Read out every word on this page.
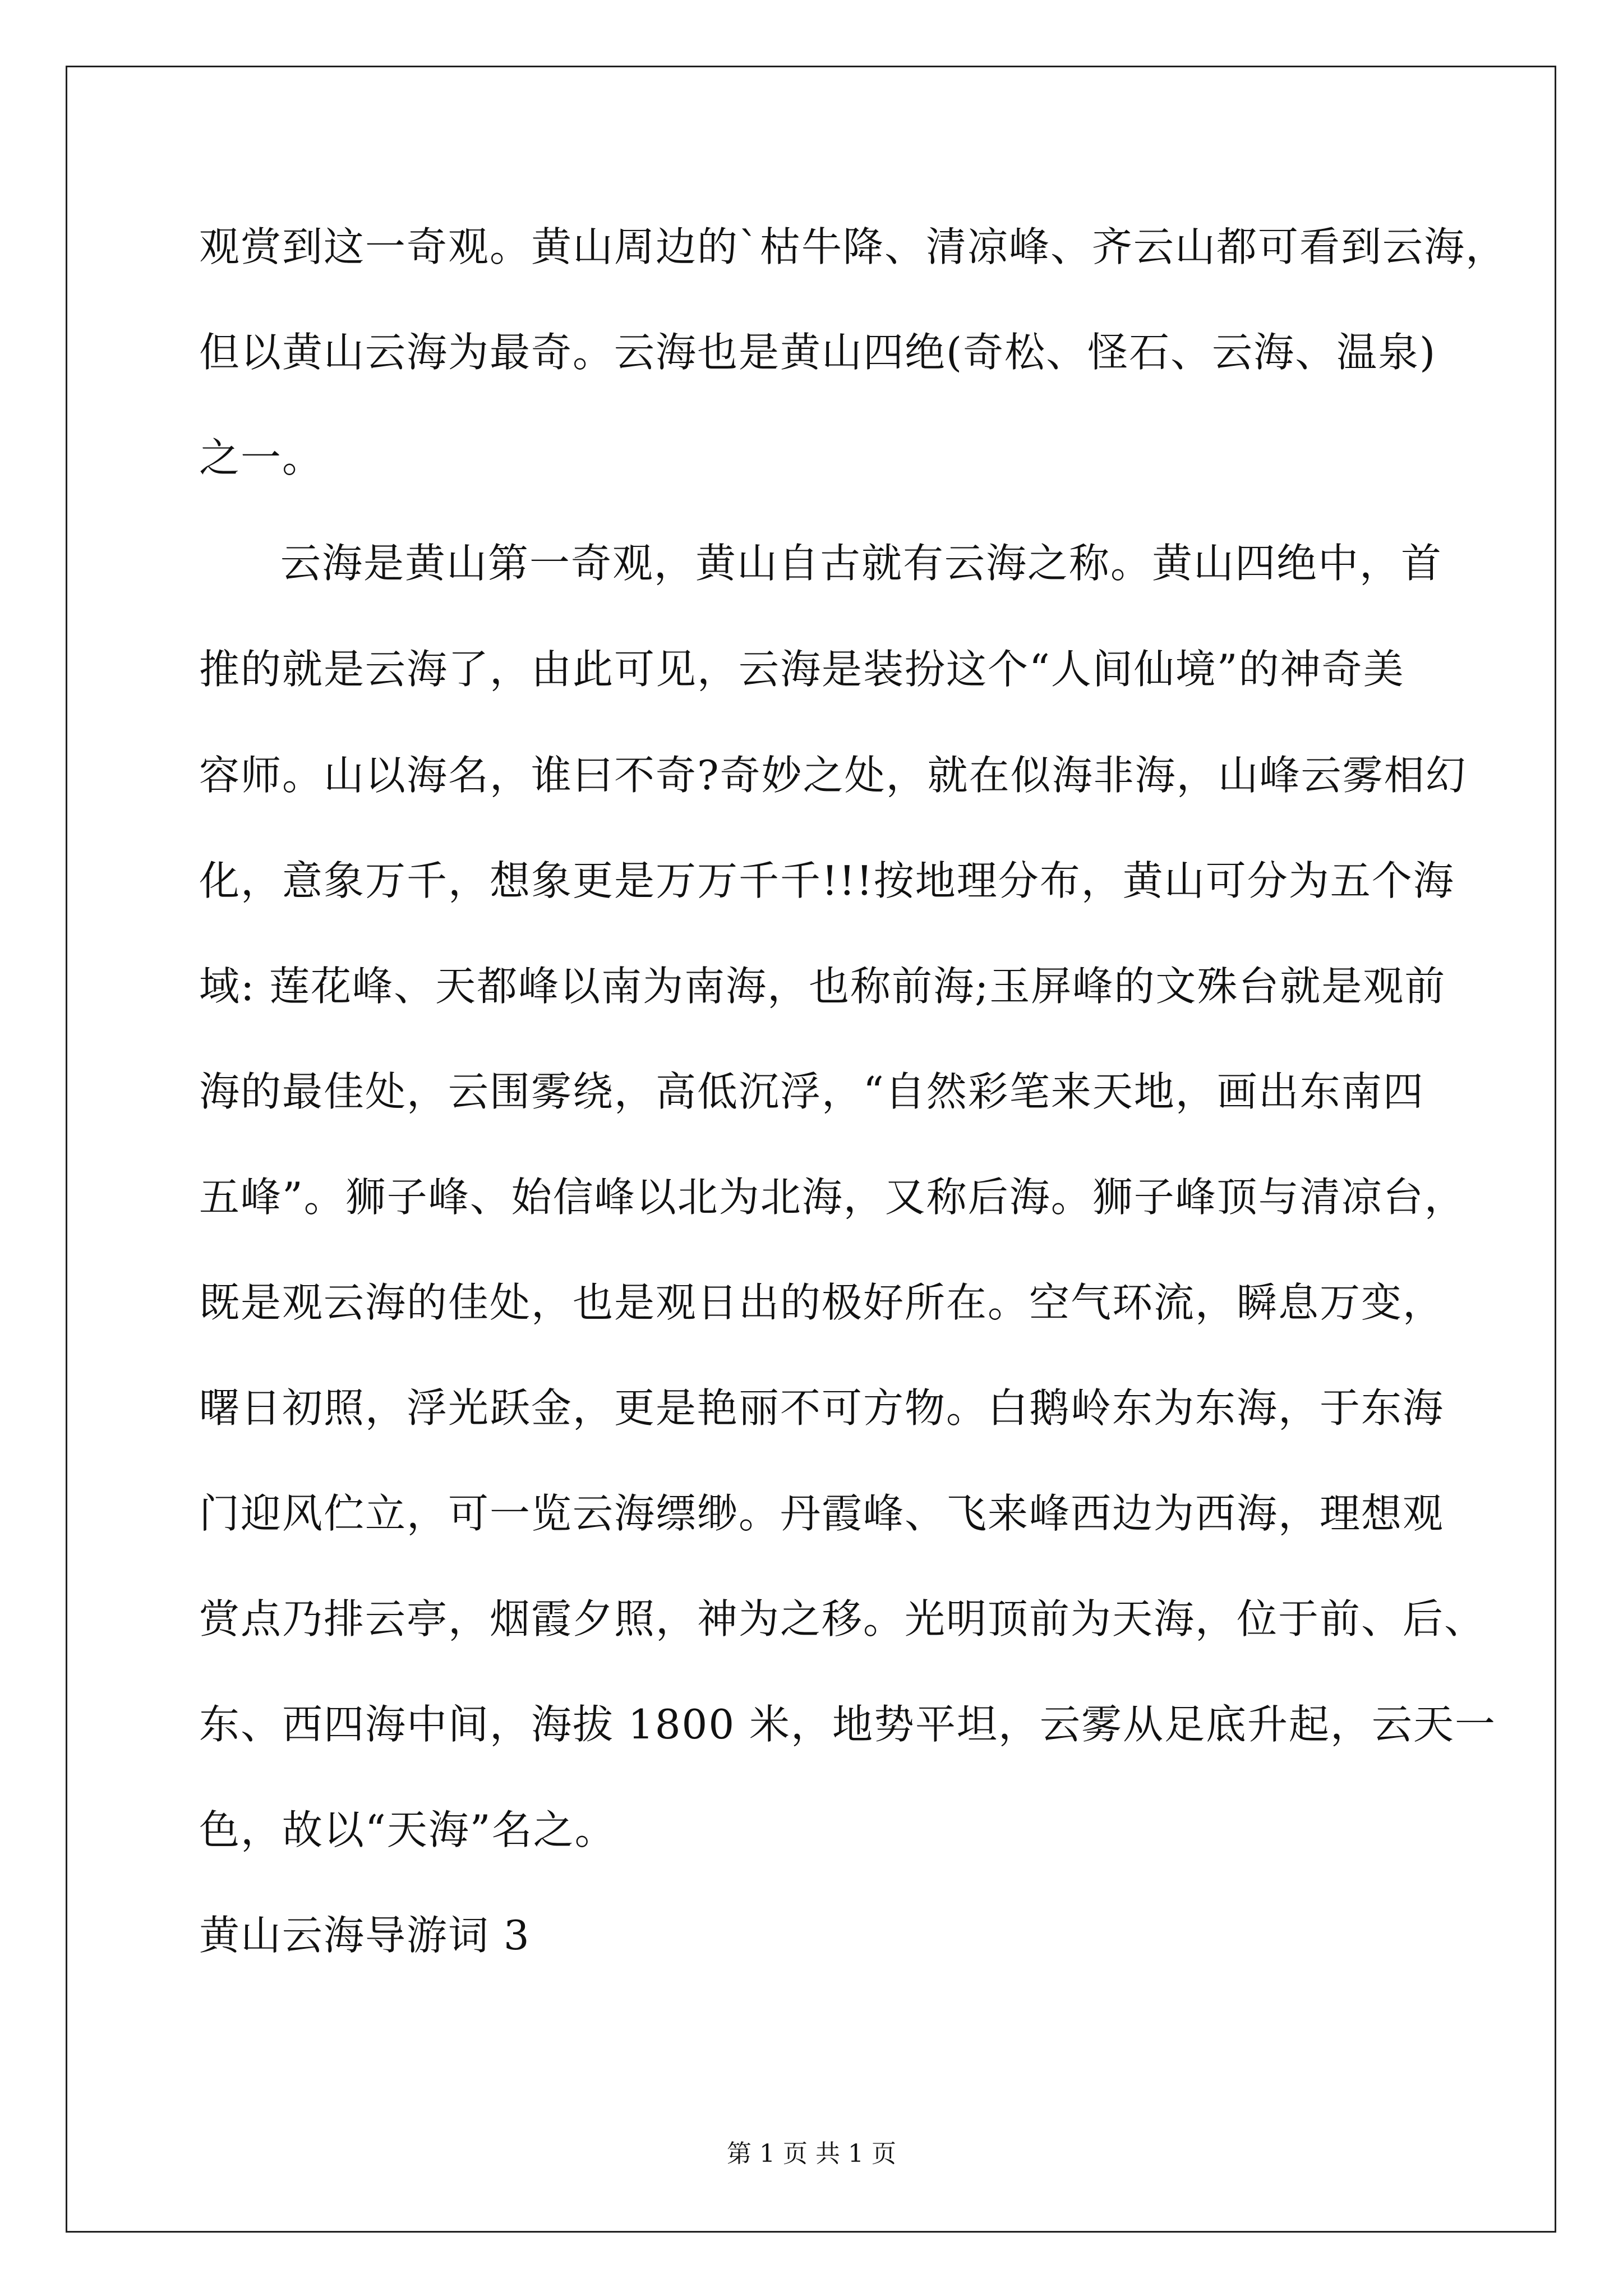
观赏到这一奇观。黄山周边的`枯牛降、清凉峰、齐云山都可看到云海，
但以黄山云海为最奇。云海也是黄山四绝(奇松、怪石、云海、温泉)
之一。
云海是黄山第一奇观，黄山自古就有云海之称。黄山四绝中，首
推的就是云海了，由此可见，云海是装扮这个“人间仙境”的神奇美
容师。山以海名，谁曰不奇?奇妙之处，就在似海非海，山峰云雾相幻
化，意象万千，想象更是万万千千!!!按地理分布，黄山可分为五个海
域: 莲花峰、天都峰以南为南海，也称前海;玉屏峰的文殊台就是观前
海的最佳处，云围雾绕，高低沉浮，“自然彩笔来天地，画出东南四
五峰”。狮子峰、始信峰以北为北海，又称后海。狮子峰顶与清凉台，
既是观云海的佳处，也是观日出的极好所在。空气环流，瞬息万变，
曙日初照，浮光跃金，更是艳丽不可方物。白鹅岭东为东海，于东海
门迎风伫立，可一览云海缥缈。丹霞峰、飞来峰西边为西海，理想观
赏点乃排云亭，烟霞夕照，神为之移。光明顶前为天海，位于前、后、
东、西四海中间，海拔 1800 米，地势平坦，云雾从足底升起，云天一
色，故以“天海”名之。
黄山云海导游词 3
第 1 页 共 1 页
